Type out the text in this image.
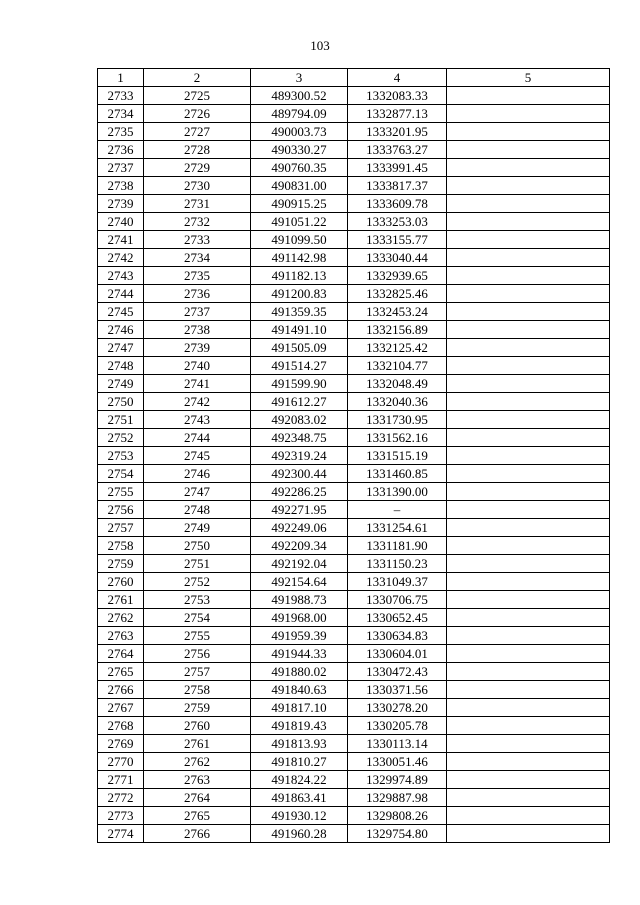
103
1	2	3	4	5
2733	2725	489300.52	1332083.33	
2734	2726	489794.09	1332877.13	
2735	2727	490003.73	1333201.95	
2736	2728	490330.27	1333763.27	
2737	2729	490760.35	1333991.45	
2738	2730	490831.00	1333817.37	
2739	2731	490915.25	1333609.78	
2740	2732	491051.22	1333253.03	
2741	2733	491099.50	1333155.77	
2742	2734	491142.98	1333040.44	
2743	2735	491182.13	1332939.65	
2744	2736	491200.83	1332825.46	
2745	2737	491359.35	1332453.24	
2746	2738	491491.10	1332156.89	
2747	2739	491505.09	1332125.42	
2748	2740	491514.27	1332104.77	
2749	2741	491599.90	1332048.49	
2750	2742	491612.27	1332040.36	
2751	2743	492083.02	1331730.95	
2752	2744	492348.75	1331562.16	
2753	2745	492319.24	1331515.19	
2754	2746	492300.44	1331460.85	
2755	2747	492286.25	1331390.00	
2756	2748	492271.95	–	
2757	2749	492249.06	1331254.61	
2758	2750	492209.34	1331181.90	
2759	2751	492192.04	1331150.23	
2760	2752	492154.64	1331049.37	
2761	2753	491988.73	1330706.75	
2762	2754	491968.00	1330652.45	
2763	2755	491959.39	1330634.83	
2764	2756	491944.33	1330604.01	
2765	2757	491880.02	1330472.43	
2766	2758	491840.63	1330371.56	
2767	2759	491817.10	1330278.20	
2768	2760	491819.43	1330205.78	
2769	2761	491813.93	1330113.14	
2770	2762	491810.27	1330051.46	
2771	2763	491824.22	1329974.89	
2772	2764	491863.41	1329887.98	
2773	2765	491930.12	1329808.26	
2774	2766	491960.28	1329754.80	
